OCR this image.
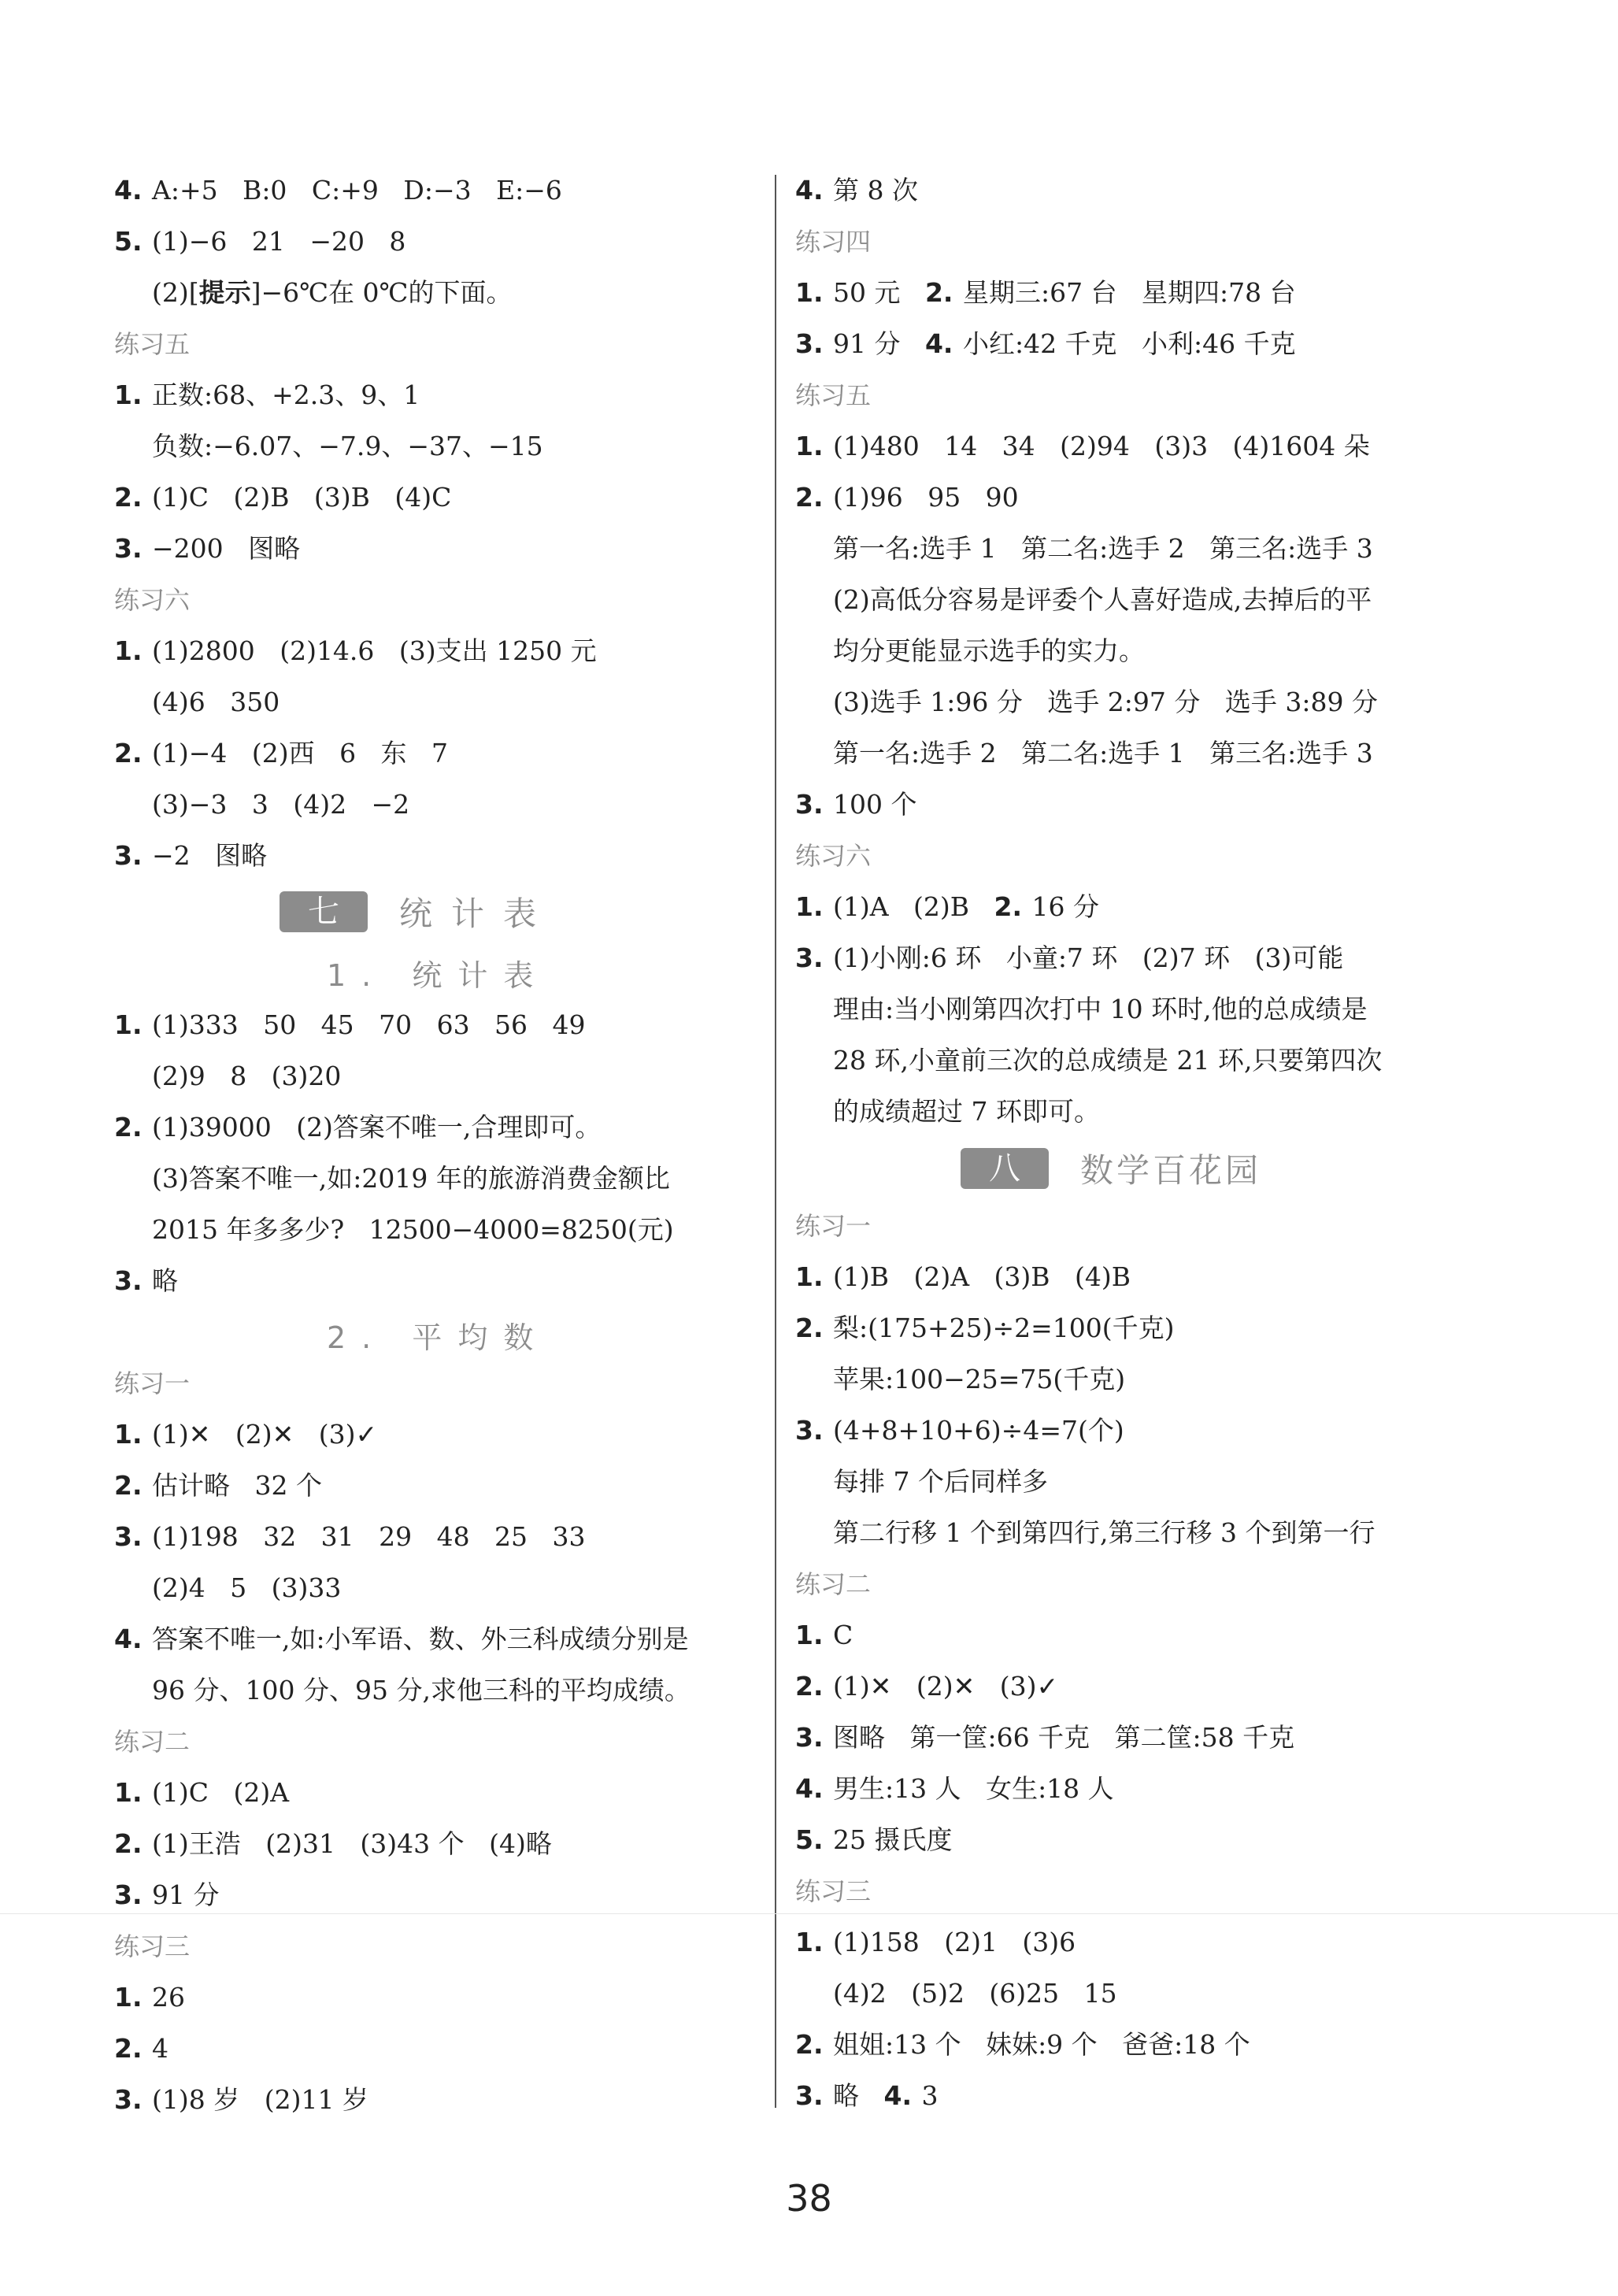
4. A:+5   B:0   C:+9   D:−3   E:−6
5. (1)−6   21   −20   8
(2)[提示]−6℃在 0℃的下面。
练习五
1. 正数:68、+2.3、9、1
负数:−6.07、−7.9、−37、−15
2. (1)C   (2)B   (3)B   (4)C
3. −200   图略
练习六
1. (1)2800   (2)14.6   (3)支出 1250 元
(4)6   350
2. (1)−4   (2)西   6   东   7
(3)−3   3   (4)2   −2
3. −2   图略
七	统计表
1. 统计表
1. (1)333   50   45   70   63   56   49
(2)9   8   (3)20
2. (1)39000   (2)答案不唯一,合理即可。
(3)答案不唯一,如:2019 年的旅游消费金额比
2015 年多多少?   12500−4000=8250(元)
3. 略
2. 平均数
练习一
1. (1)✕   (2)✕   (3)✓
2. 估计略   32 个
3. (1)198   32   31   29   48   25   33
(2)4   5   (3)33
4. 答案不唯一,如:小军语、数、外三科成绩分别是
96 分、100 分、95 分,求他三科的平均成绩。
练习二
1. (1)C   (2)A
2. (1)王浩   (2)31   (3)43 个   (4)略
3. 91 分
练习三
1. 26
2. 4
3. (1)8 岁   (2)11 岁
4. 第 8 次
练习四
1. 50 元   2. 星期三:67 台   星期四:78 台
3. 91 分   4. 小红:42 千克   小利:46 千克
练习五
1. (1)480   14   34   (2)94   (3)3   (4)1604 朵
2. (1)96   95   90
第一名:选手 1   第二名:选手 2   第三名:选手 3
(2)高低分容易是评委个人喜好造成,去掉后的平
均分更能显示选手的实力。
(3)选手 1:96 分   选手 2:97 分   选手 3:89 分
第一名:选手 2   第二名:选手 1   第三名:选手 3
3. 100 个
练习六
1. (1)A   (2)B   2. 16 分
3. (1)小刚:6 环   小童:7 环   (2)7 环   (3)可能
理由:当小刚第四次打中 10 环时,他的总成绩是
28 环,小童前三次的总成绩是 21 环,只要第四次
的成绩超过 7 环即可。
八	数学百花园
练习一
1. (1)B   (2)A   (3)B   (4)B
2. 梨:(175+25)÷2=100(千克)
苹果:100−25=75(千克)
3. (4+8+10+6)÷4=7(个)
每排 7 个后同样多
第二行移 1 个到第四行,第三行移 3 个到第一行
练习二
1. C
2. (1)✕   (2)✕   (3)✓
3. 图略   第一筐:66 千克   第二筐:58 千克
4. 男生:13 人   女生:18 人
5. 25 摄氏度
练习三
1. (1)158   (2)1   (3)6
(4)2   (5)2   (6)25   15
2. 姐姐:13 个   妹妹:9 个   爸爸:18 个
3. 略   4. 3
38
